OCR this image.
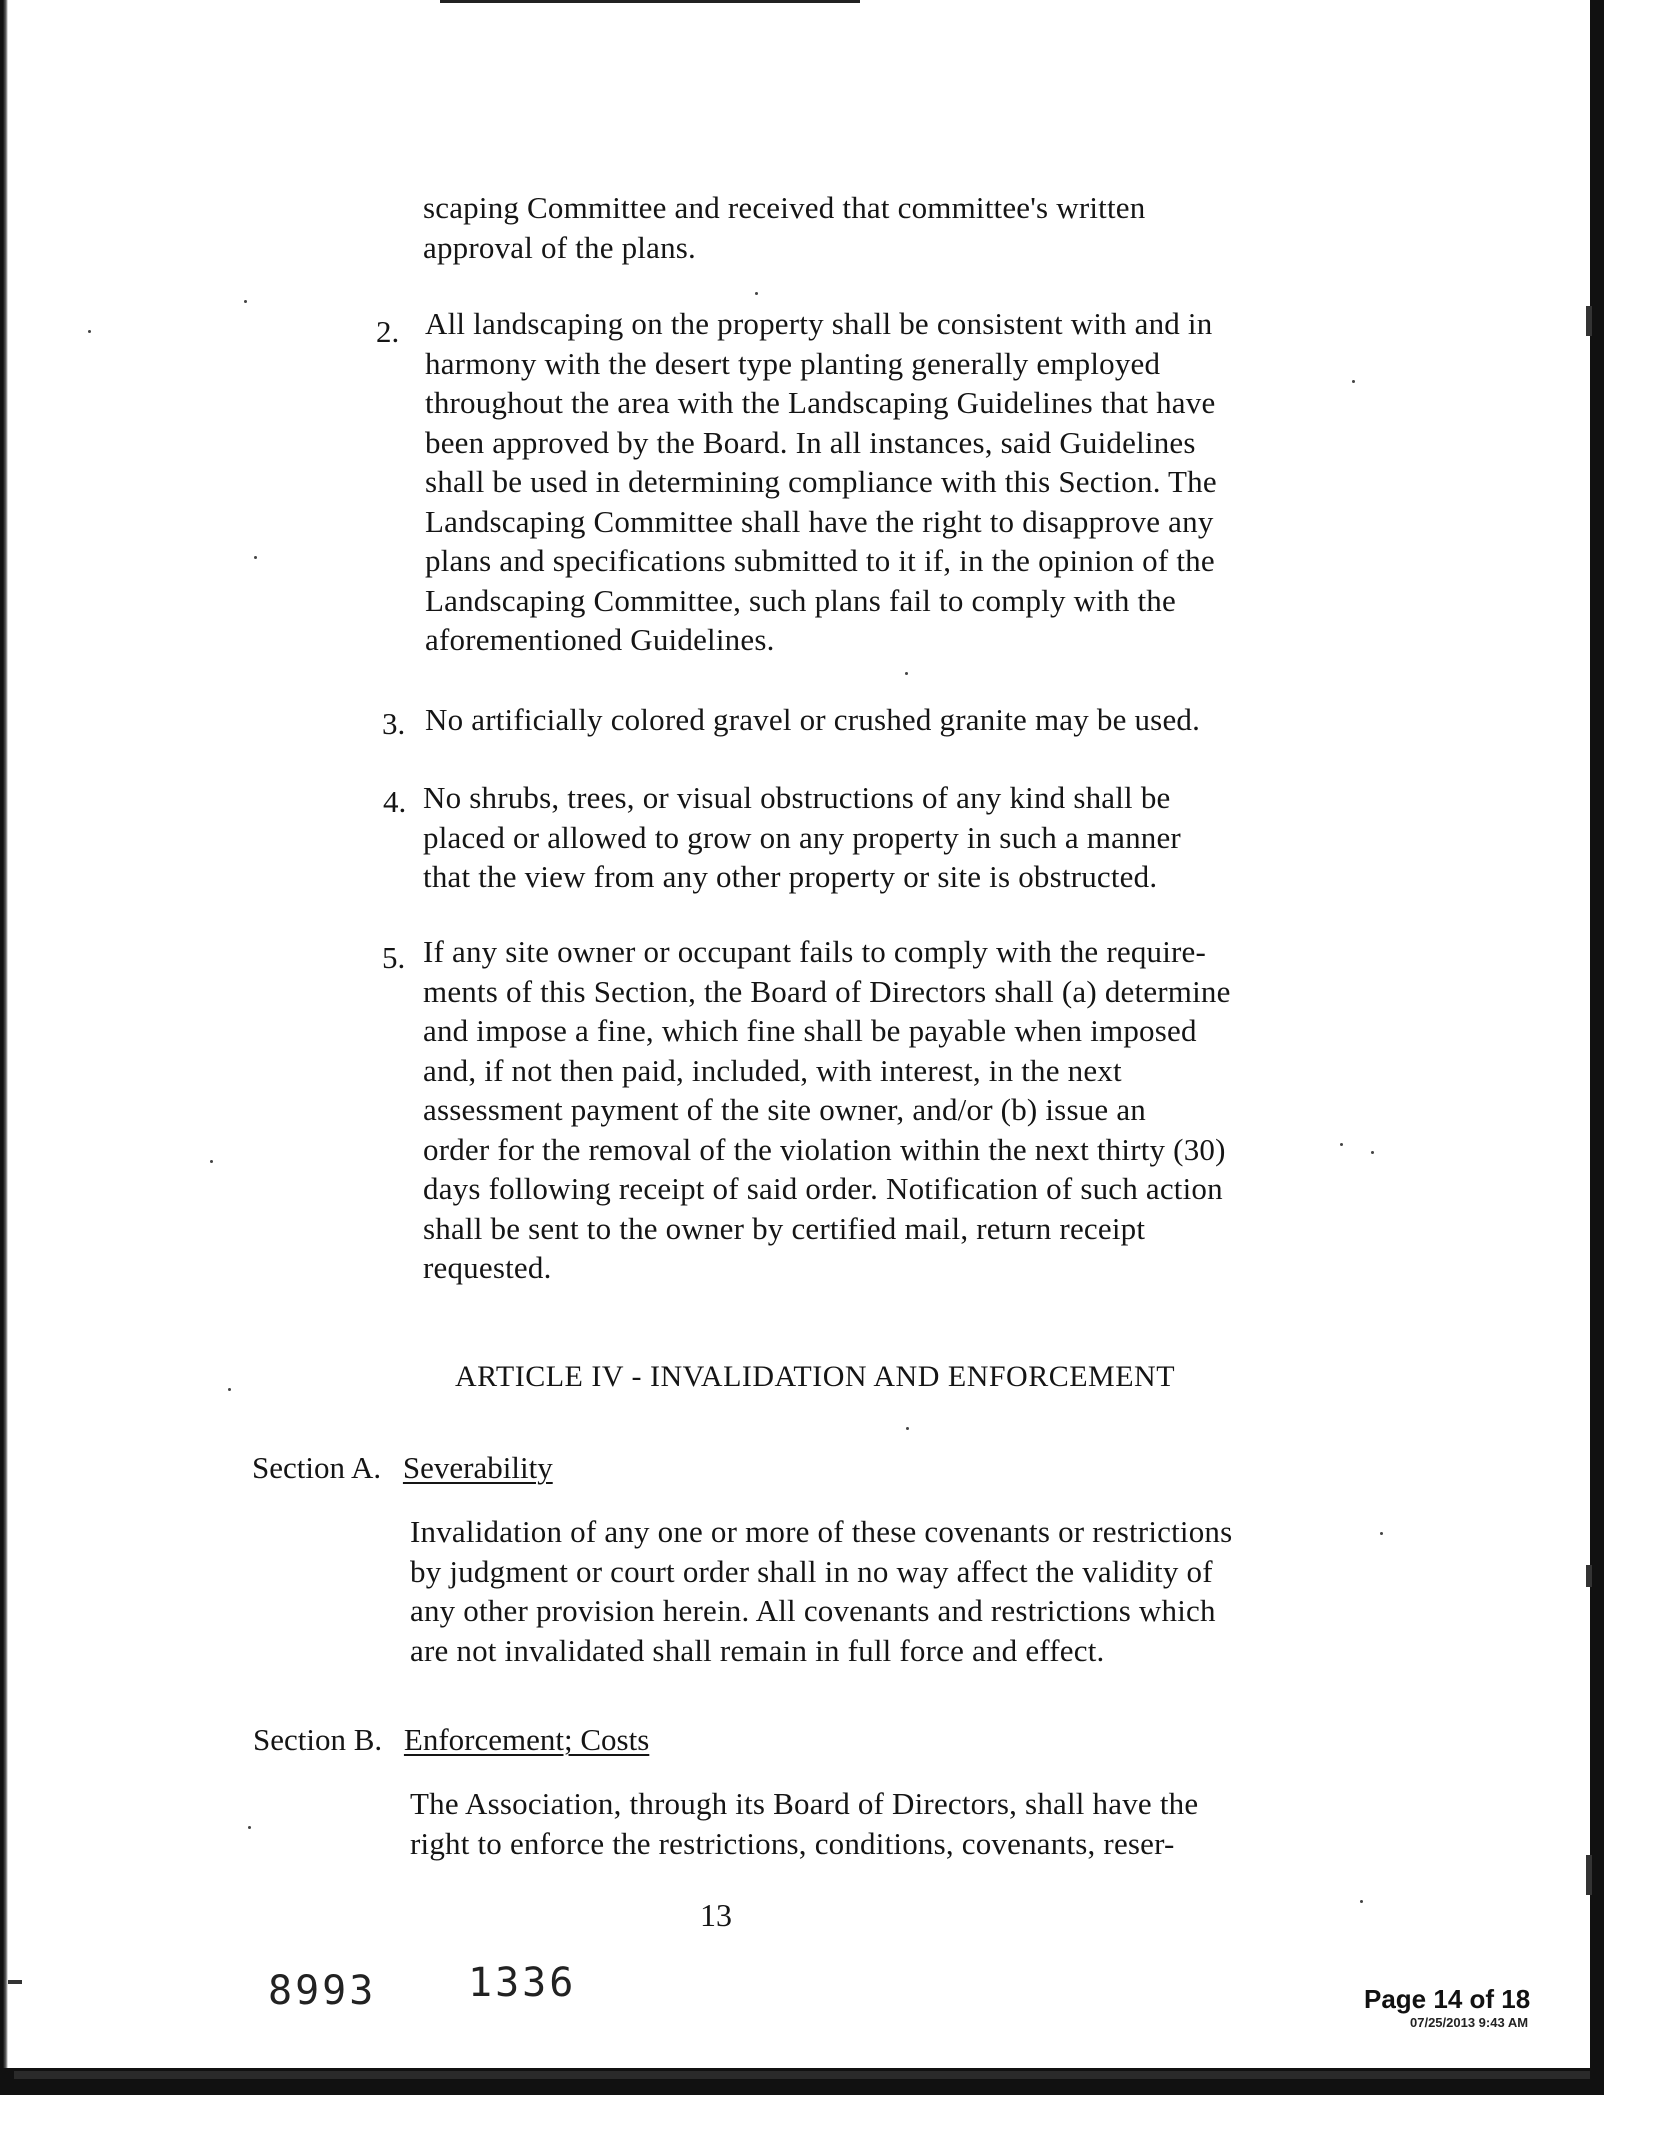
scaping Committee and received that committee's written
approval of the plans.
2. All landscaping on the property shall be consistent with and in
harmony with the desert type planting generally employed
throughout the area with the Landscaping Guidelines that have
been approved by the Board. In all instances, said Guidelines
shall be used in determining compliance with this Section. The
Landscaping Committee shall have the right to disapprove any
plans and specifications submitted to it if, in the opinion of the
Landscaping Committee, such plans fail to comply with the
aforementioned Guidelines.
3. No artificially colored gravel or crushed granite may be used.
4. No shrubs, trees, or visual obstructions of any kind shall be
placed or allowed to grow on any property in such a manner
that the view from any other property or site is obstructed.
5. If any site owner or occupant fails to comply with the require-
ments of this Section, the Board of Directors shall (a) determine
and impose a fine, which fine shall be payable when imposed
and, if not then paid, included, with interest, in the next
assessment payment of the site owner, and/or (b) issue an
order for the removal of the violation within the next thirty (30)
days following receipt of said order. Notification of such action
shall be sent to the owner by certified mail, return receipt
requested.
ARTICLE IV - INVALIDATION AND ENFORCEMENT
Section A. Severability
Invalidation of any one or more of these covenants or restrictions
by judgment or court order shall in no way affect the validity of
any other provision herein. All covenants and restrictions which
are not invalidated shall remain in full force and effect.
Section B. Enforcement; Costs
The Association, through its Board of Directors, shall have the
right to enforce the restrictions, conditions, covenants, reser-
13
8993 1336	Page 14 of 18
07/25/2013 9:43 AM
